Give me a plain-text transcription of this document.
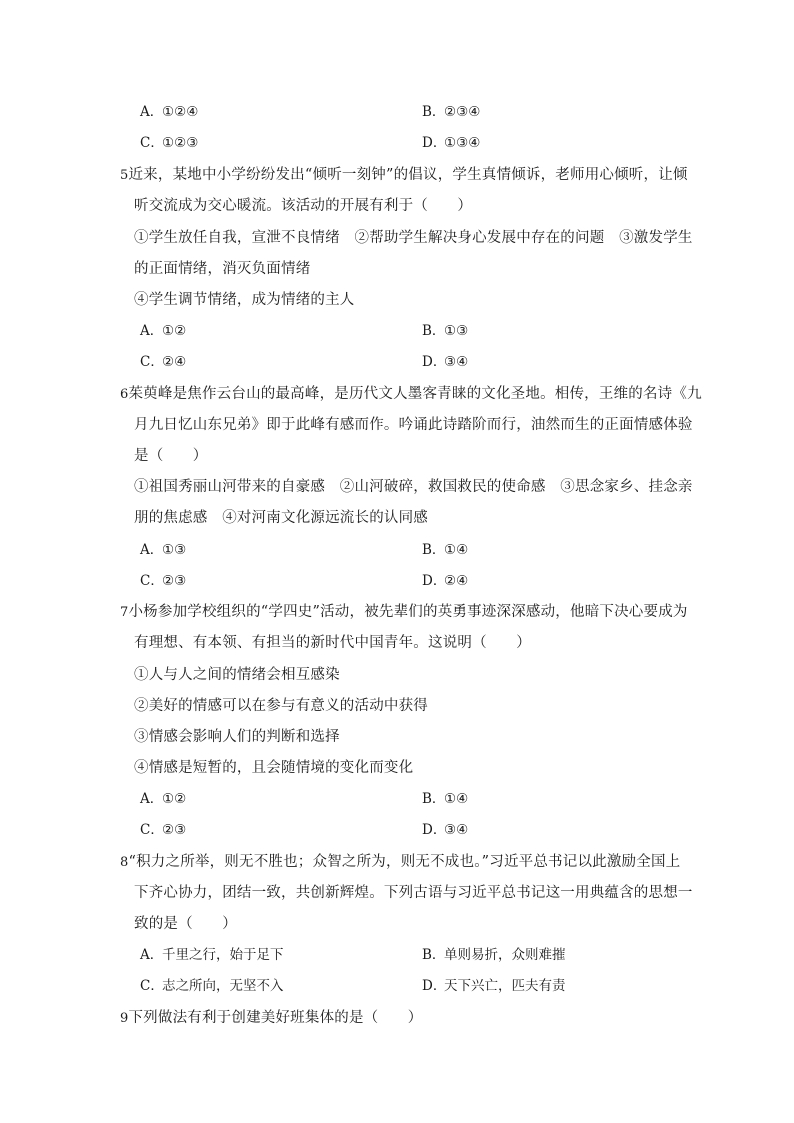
A．①②④	B．②③④
C．①②③	D．①③④
5近来，某地中小学纷纷发出“倾听一刻钟”的倡议，学生真情倾诉，老师用心倾听，让倾
听交流成为交心暖流。该活动的开展有利于（　　）
①学生放任自我，宣泄不良情绪　②帮助学生解决身心发展中存在的问题　③激发学生
的正面情绪，消灭负面情绪
④学生调节情绪，成为情绪的主人
A．①②	B．①③
C．②④	D．③④
6茱萸峰是焦作云台山的最高峰，是历代文人墨客青睐的文化圣地。相传，王维的名诗《九
月九日忆山东兄弟》即于此峰有感而作。吟诵此诗踏阶而行，油然而生的正面情感体验
是（　　）
①祖国秀丽山河带来的自豪感　②山河破碎，救国救民的使命感　③思念家乡、挂念亲
朋的焦虑感　④对河南文化源远流长的认同感
A．①③	B．①④
C．②③	D．②④
7小杨参加学校组织的“学四史”活动，被先辈们的英勇事迹深深感动，他暗下决心要成为
有理想、有本领、有担当的新时代中国青年。这说明（　　）
①人与人之间的情绪会相互感染
②美好的情感可以在参与有意义的活动中获得
③情感会影响人们的判断和选择
④情感是短暂的，且会随情境的变化而变化
A．①②	B．①④
C．②③	D．③④
8“积力之所举，则无不胜也；众智之所为，则无不成也。”习近平总书记以此激励全国上
下齐心协力，团结一致，共创新辉煌。下列古语与习近平总书记这一用典蕴含的思想一
致的是（　　）
A．千里之行，始于足下	B．单则易折，众则难摧
C．志之所向，无坚不入	D．天下兴亡，匹夫有责
9下列做法有利于创建美好班集体的是（　　）
